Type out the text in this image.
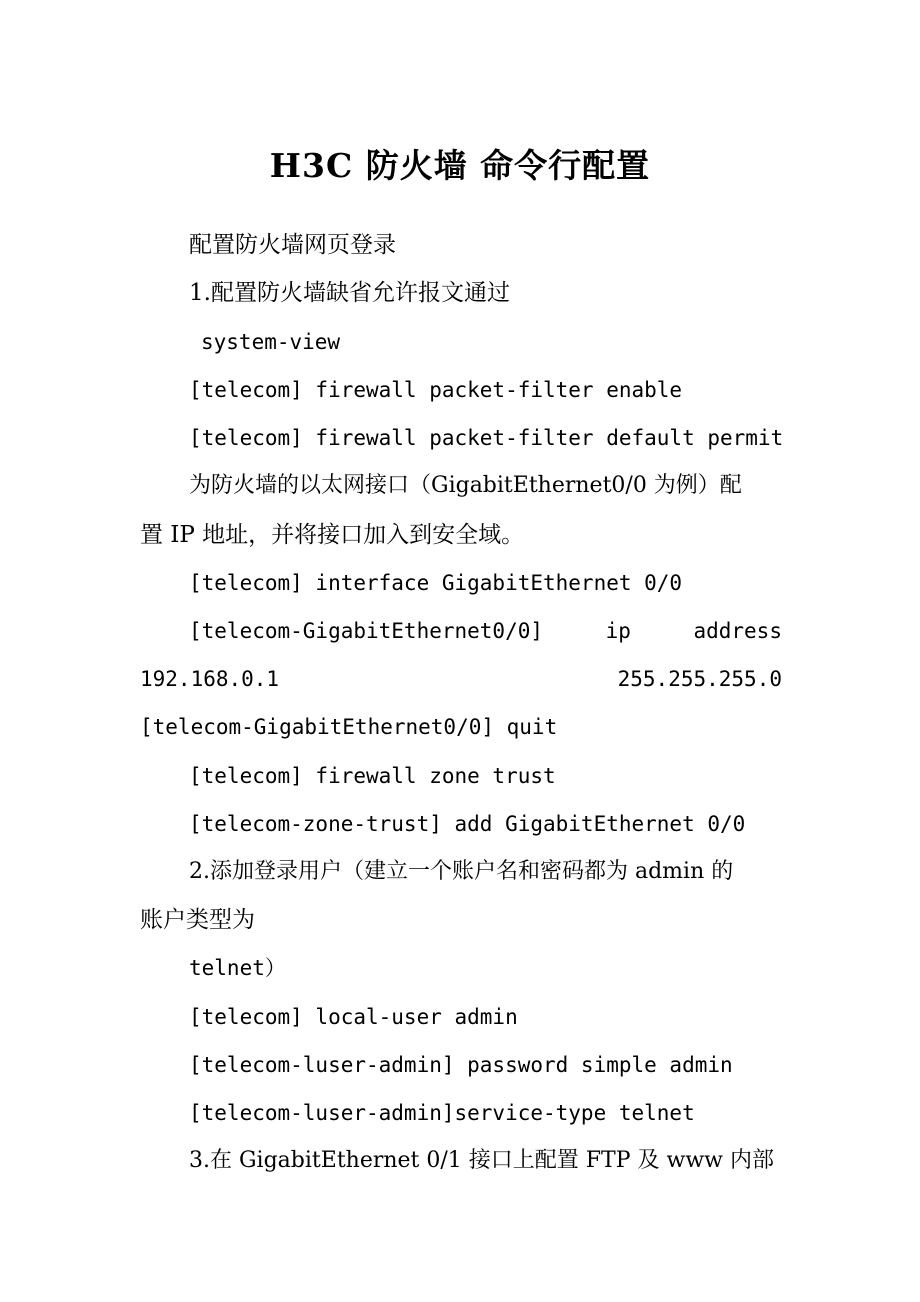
H3C 防火墙 命令行配置
配置防火墙网页登录
1.配置防火墙缺省允许报文通过
system-view
[telecom] firewall packet-filter enable
[telecom] firewall packet-filter default permit
为防火墙的以太网接口（GigabitEthernet0/0 为例）配
置 IP 地址，并将接口加入到安全域。
[telecom] interface GigabitEthernet 0/0
[telecom-GigabitEthernet0/0]	ip	address
192.168.0.1	255.255.255.0
[telecom-GigabitEthernet0/0] quit
[telecom] firewall zone trust
[telecom-zone-trust] add GigabitEthernet 0/0
2.添加登录用户（建立一个账户名和密码都为 admin 的
账户类型为
telnet）
[telecom] local-user admin
[telecom-luser-admin] password simple admin
[telecom-luser-admin]service-type telnet
3.在 GigabitEthernet 0/1 接口上配置 FTP 及 www 内部
